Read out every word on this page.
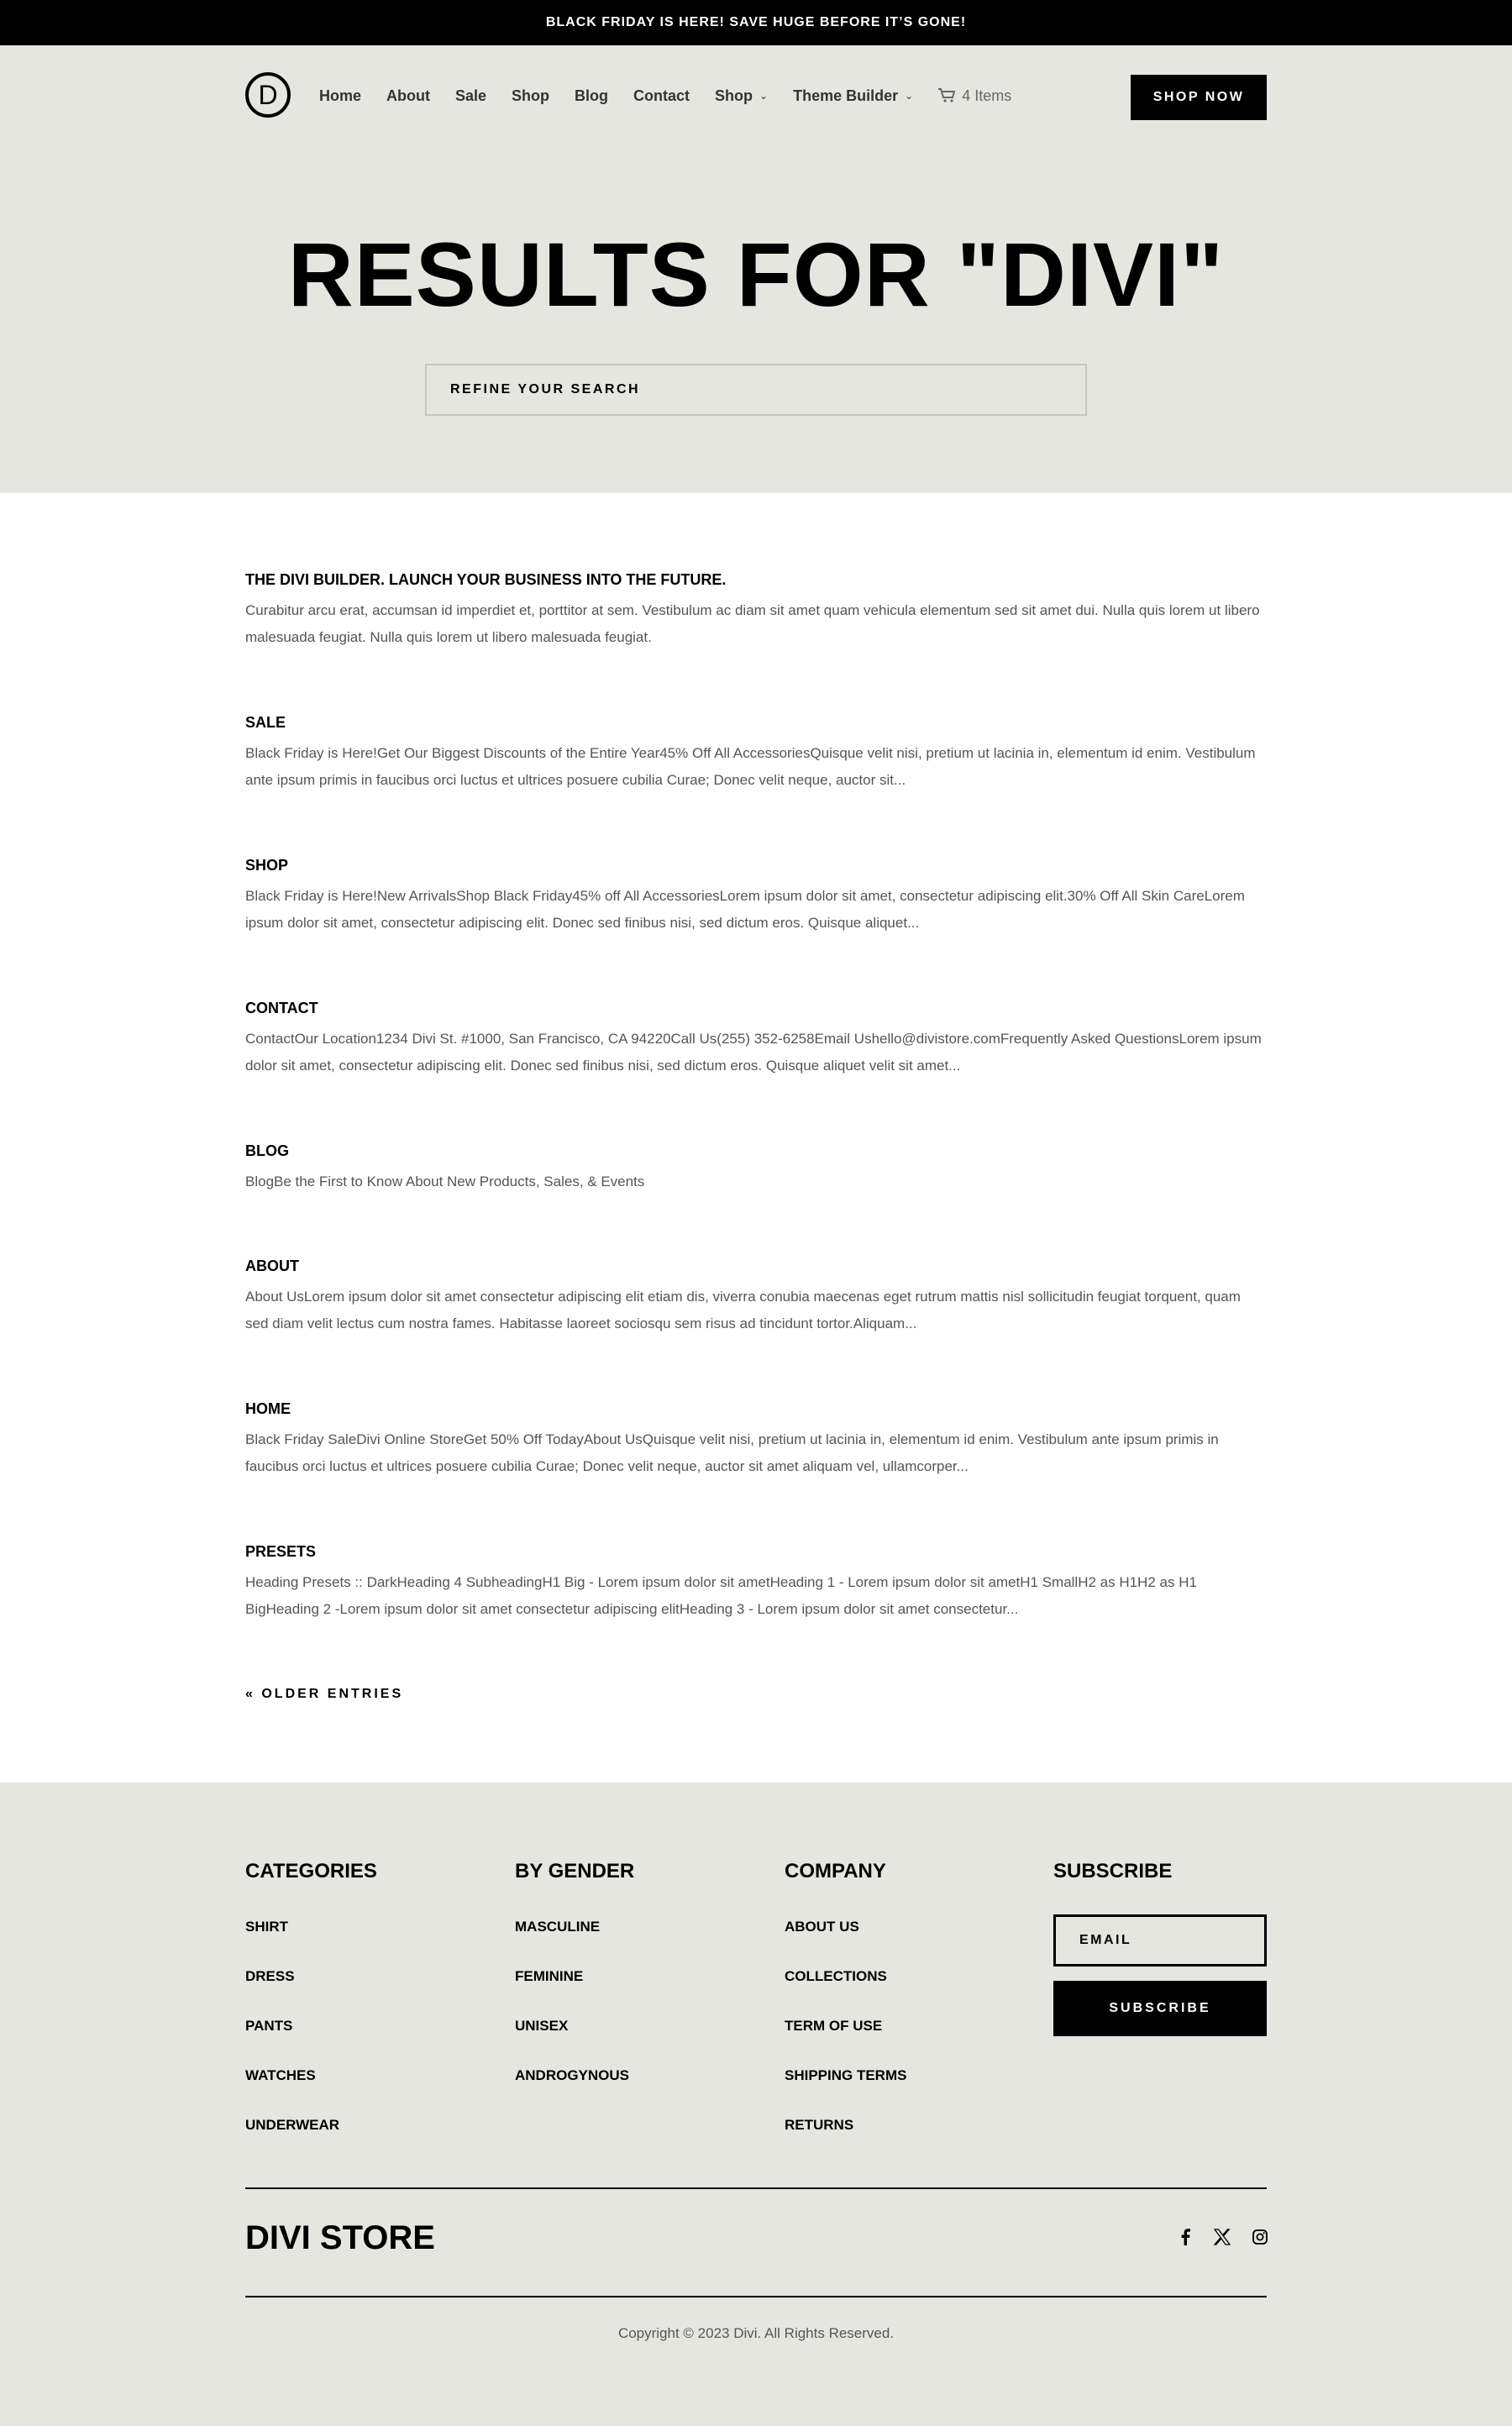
BLACK FRIDAY IS HERE! SAVE HUGE BEFORE IT’S GONE!
D	Home About Sale Shop Blog Contact Shop ⌄ Theme Builder ⌄	4 Items	SHOP NOW
RESULTS FOR "DIVI"
REFINE YOUR SEARCH
THE DIVI BUILDER. LAUNCH YOUR BUSINESS INTO THE FUTURE.

Curabitur arcu erat, accumsan id imperdiet et, porttitor at sem. Vestibulum ac diam sit amet quam vehicula elementum sed sit amet dui. Nulla quis lorem ut libero malesuada feugiat. Nulla quis lorem ut libero malesuada feugiat.

SALE

Black Friday is Here!Get Our Biggest Discounts of the Entire Year45% Off All AccessoriesQuisque velit nisi, pretium ut lacinia in, elementum id enim. Vestibulum ante ipsum primis in faucibus orci luctus et ultrices posuere cubilia Curae; Donec velit neque, auctor sit...

SHOP

Black Friday is Here!New ArrivalsShop Black Friday45% off All AccessoriesLorem ipsum dolor sit amet, consectetur adipiscing elit.30% Off All Skin CareLorem ipsum dolor sit amet, consectetur adipiscing elit. Donec sed finibus nisi, sed dictum eros. Quisque aliquet...

CONTACT

ContactOur Location1234 Divi St. #1000, San Francisco, CA 94220Call Us(255) 352-6258Email Ushello@divistore.comFrequently Asked QuestionsLorem ipsum dolor sit amet, consectetur adipiscing elit. Donec sed finibus nisi, sed dictum eros. Quisque aliquet velit sit amet...

BLOG

BlogBe the First to Know About New Products, Sales, & Events

ABOUT

About UsLorem ipsum dolor sit amet consectetur adipiscing elit etiam dis, viverra conubia maecenas eget rutrum mattis nisl sollicitudin feugiat torquent, quam sed diam velit lectus cum nostra fames. Habitasse laoreet sociosqu sem risus ad tincidunt tortor.Aliquam...

HOME

Black Friday SaleDivi Online StoreGet 50% Off TodayAbout UsQuisque velit nisi, pretium ut lacinia in, elementum id enim. Vestibulum ante ipsum primis in faucibus orci luctus et ultrices posuere cubilia Curae; Donec velit neque, auctor sit amet aliquam vel, ullamcorper...

PRESETS

Heading Presets :: DarkHeading 4 SubheadingH1 Big - Lorem ipsum dolor sit ametHeading 1 - Lorem ipsum dolor sit ametH1 SmallH2 as H1H2 as H1 BigHeading 2 -Lorem ipsum dolor sit amet consectetur adipiscing elitHeading 3 - Lorem ipsum dolor sit amet consectetur...

« OLDER ENTRIES
CATEGORIES
SHIRT
DRESS
PANTS
WATCHES
UNDERWEAR
BY GENDER
MASCULINE
FEMININE
UNISEX
ANDROGYNOUS
COMPANY
ABOUT US
COLLECTIONS
TERM OF USE
SHIPPING TERMS
RETURNS
SUBSCRIBE
EMAIL
SUBSCRIBE
DIVI STORE
Copyright © 2023 Divi. All Rights Reserved.
